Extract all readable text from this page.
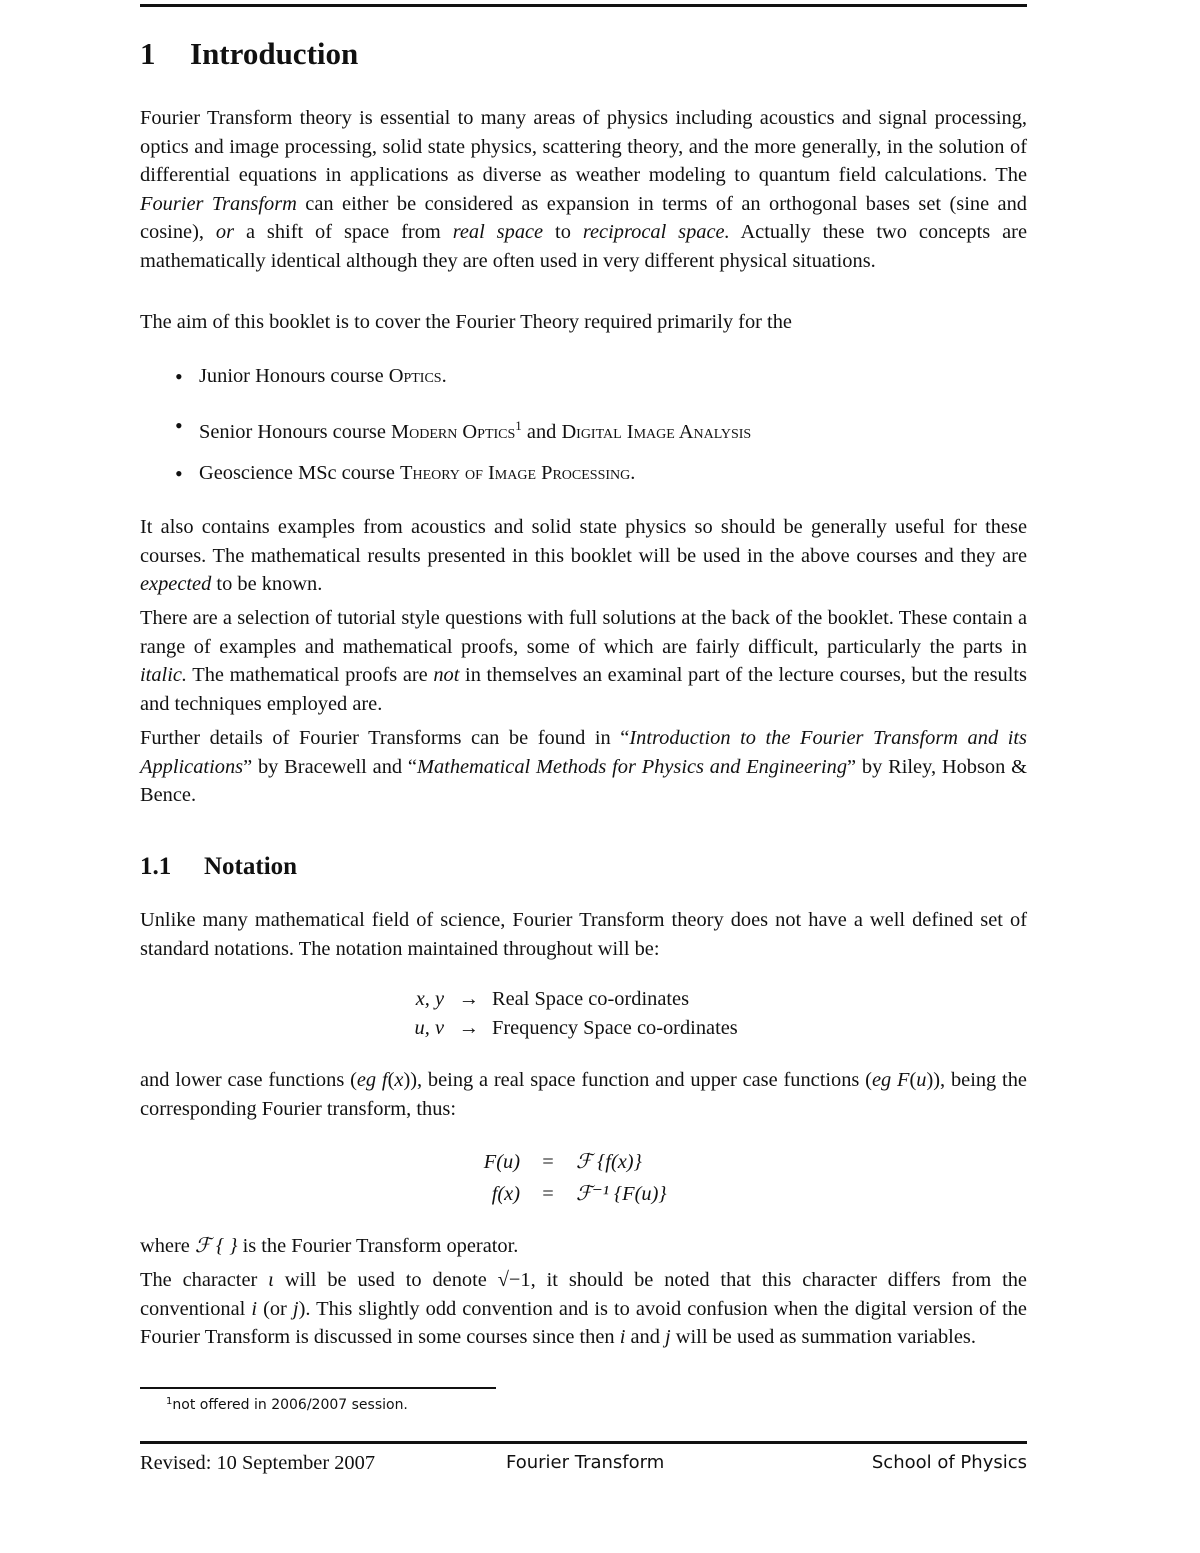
1 Introduction

Fourier Transform theory is essential to many areas of physics including acoustics and signal processing, optics and image processing, solid state physics, scattering theory, and the more generally, in the solution of differential equations in applications as diverse as weather modeling to quantum field calculations. The Fourier Transform can either be considered as expansion in terms of an orthogonal bases set (sine and cosine), or a shift of space from real space to reciprocal space. Actually these two concepts are mathematically identical although they are often used in very different physical situations.

The aim of this booklet is to cover the Fourier Theory required primarily for the

• Junior Honours course Optics.
• Senior Honours course Modern Optics$^1$ and Digital Image Analysis
• Geoscience MSc course Theory of Image Processing.

It also contains examples from acoustics and solid state physics so should be generally useful for these courses. The mathematical results presented in this booklet will be used in the above courses and they are expected to be known.

There are a selection of tutorial style questions with full solutions at the back of the booklet. These contain a range of examples and mathematical proofs, some of which are fairly difficult, particularly the parts in italic. The mathematical proofs are not in themselves an examinal part of the lecture courses, but the results and techniques employed are.

Further details of Fourier Transforms can be found in “Introduction to the Fourier Transform and its Applications” by Bracewell and “Mathematical Methods for Physics and Engineering” by Riley, Hobson & Bence.

1.1 Notation

Unlike many mathematical field of science, Fourier Transform theory does not have a well defined set of standard notations. The notation maintained throughout will be:

x, y → Real Space co-ordinates
u, v → Frequency Space co-ordinates

and lower case functions (eg f(x)), being a real space function and upper case functions (eg F(u)), being the corresponding Fourier transform, thus:

F(u) = ℱ {f(x)}
f(x) = ℱ⁻¹ {F(u)}

where ℱ { } is the Fourier Transform operator.

The character ι will be used to denote √−1, it should be noted that this character differs from the conventional i (or j). This slightly odd convention and is to avoid confusion when the digital version of the Fourier Transform is discussed in some courses since then i and j will be used as summation variables.

$^1$not offered in 2006/2007 session.
Revised: 10 September 2007	Fourier Transform	School of Physics
